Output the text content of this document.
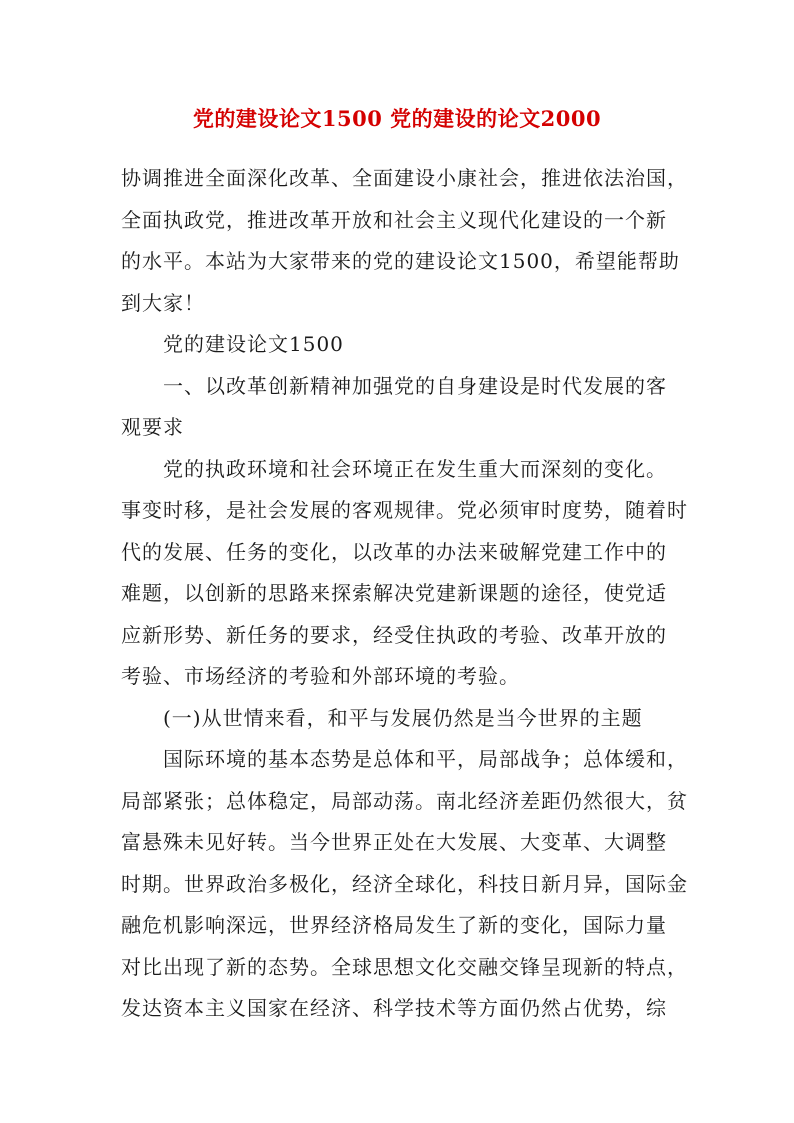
党的建设论文1500 党的建设的论文2000
协调推进全面深化改革、全面建设小康社会，推进依法治国，
全面执政党，推进改革开放和社会主义现代化建设的一个新
的水平。本站为大家带来的党的建设论文1500，希望能帮助
到大家！
党的建设论文1500
一、以改革创新精神加强党的自身建设是时代发展的客
观要求
党的执政环境和社会环境正在发生重大而深刻的变化。
事变时移，是社会发展的客观规律。党必须审时度势，随着时
代的发展、任务的变化，以改革的办法来破解党建工作中的
难题，以创新的思路来探索解决党建新课题的途径，使党适
应新形势、新任务的要求，经受住执政的考验、改革开放的
考验、市场经济的考验和外部环境的考验。
(一)从世情来看，和平与发展仍然是当今世界的主题
国际环境的基本态势是总体和平，局部战争；总体缓和，
局部紧张；总体稳定，局部动荡。南北经济差距仍然很大，贫
富悬殊未见好转。当今世界正处在大发展、大变革、大调整
时期。世界政治多极化，经济全球化，科技日新月异，国际金
融危机影响深远，世界经济格局发生了新的变化，国际力量
对比出现了新的态势。全球思想文化交融交锋呈现新的特点，
发达资本主义国家在经济、科学技术等方面仍然占优势，综
